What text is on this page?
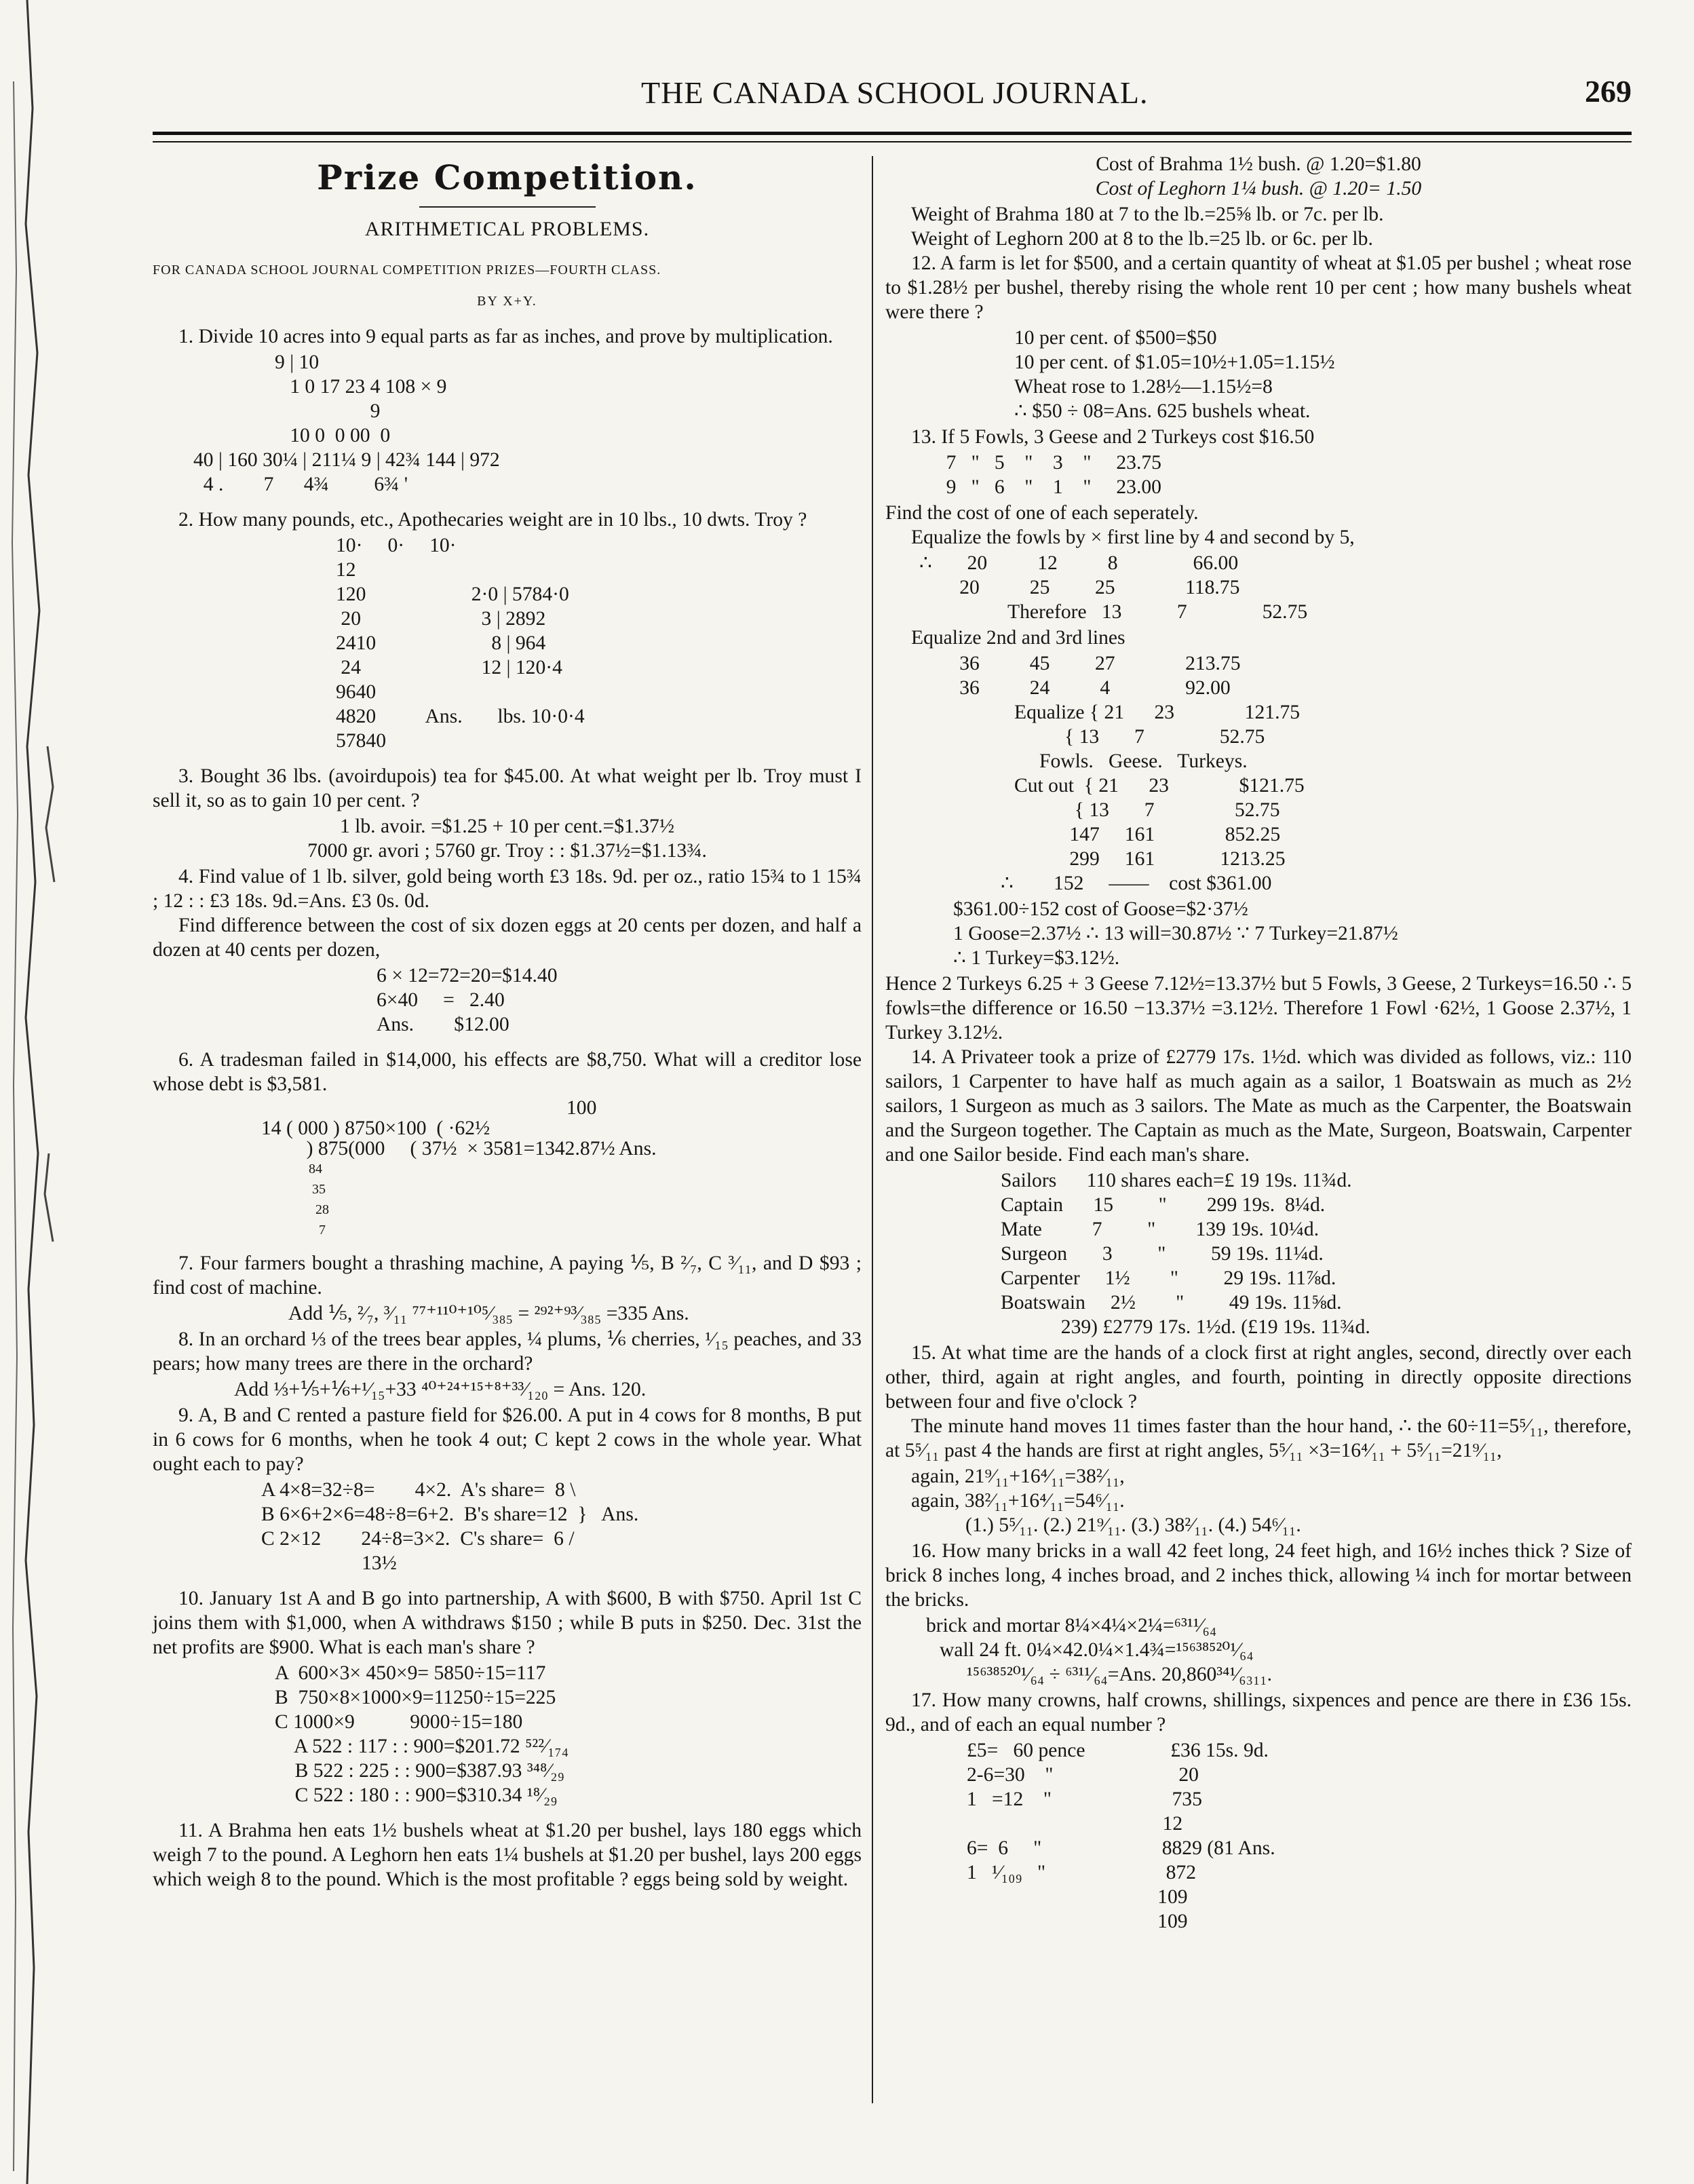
THE CANADA SCHOOL JOURNAL.	269
Prize Competition.
ARITHMETICAL PROBLEMS.
FOR CANADA SCHOOL JOURNAL COMPETITION PRIZES—FOURTH CLASS.
BY X+Y.

1. Divide 10 acres into 9 equal parts as far as inches, and prove by multiplication.

9 | 10
1 0 17 23 4 108 × 9
9
10 0  0 00  0
40 | 160 30¼ | 211¼ 9 | 42¾ 144 | 972
4 .        7      4¾         6¾ '

2. How many pounds, etc., Apothecaries weight are in 10 lbs., 10 dwts. Troy ?

10·     0·     10·
12
120                     2·0 | 5784·0
20                        3 | 2892
2410                       8 | 964
24                        12 | 120·4
9640
4820          Ans.       lbs. 10·0·4
57840

3. Bought 36 lbs. (avoirdupois) tea for $45.00. At what weight per lb. Troy must I sell it, so as to gain 10 per cent. ?

1 lb. avoir. =$1.25 + 10 per cent.=$1.37½
7000 gr. avori ; 5760 gr. Troy : : $1.37½=$1.13¾.

4. Find value of 1 lb. silver, gold being worth £3 18s. 9d. per oz., ratio 15¾ to 1 15¾ ; 12 : : £3 18s. 9d.=Ans. £3 0s. 0d.

Find difference between the cost of six dozen eggs at 20 cents per dozen, and half a dozen at 40 cents per dozen,

6 × 12=72=20=$14.40
6×40     =   2.40
Ans.        $12.00

6. A tradesman failed in $14,000, his effects are $8,750. What will a creditor lose whose debt is $3,581.

100
14 ( 000 ) 8750×100  ( ·62½
) 875(000     ( 37½  × 3581=1342.87½ Ans.
84
35
28
7

7. Four farmers bought a thrashing machine, A paying ⅕, B ²⁄₇, C ³⁄₁₁, and D $93 ; find cost of machine.

Add ⅕, ²⁄₇, ³⁄₁₁ ⁷⁷⁺¹¹⁰⁺¹⁰⁵⁄₃₈₅ = ²⁹²⁺⁹³⁄₃₈₅ =335 Ans.

8. In an orchard ⅓ of the trees bear apples, ¼ plums, ⅙ cherries, ¹⁄₁₅ peaches, and 33 pears; how many trees are there in the orchard?

Add ⅓+⅕+⅙+¹⁄₁₅+33 ⁴⁰⁺²⁴⁺¹⁵⁺⁸⁺³³⁄₁₂₀ = Ans. 120.

9. A, B and C rented a pasture field for $26.00. A put in 4 cows for 8 months, B put in 6 cows for 6 months, when he took 4 out; C kept 2 cows in the whole year. What ought each to pay?

A 4×8=32÷8=        4×2.  A's share=  8 \
B 6×6+2×6=48÷8=6+2.  B's share=12  }   Ans.
C 2×12        24÷8=3×2.  C's share=  6 /
13½

10. January 1st A and B go into partnership, A with $600, B with $750. April 1st C joins them with $1,000, when A withdraws $150 ; while B puts in $250. Dec. 31st the net profits are $900. What is each man's share ?

A  600×3× 450×9= 5850÷15=117
B  750×8×1000×9=11250÷15=225
C 1000×9           9000÷15=180
A 522 : 117 : : 900=$201.72 ⁵²²⁄₁₇₄
B 522 : 225 : : 900=$387.93 ³⁴⁸⁄₂₉
C 522 : 180 : : 900=$310.34 ¹⁸⁄₂₉

11. A Brahma hen eats 1½ bushels wheat at $1.20 per bushel, lays 180 eggs which weigh 7 to the pound. A Leghorn hen eats 1¼ bushels at $1.20 per bushel, lays 200 eggs which weigh 8 to the pound. Which is the most profitable ? eggs being sold by weight.

Cost of Brahma 1½ bush. @ 1.20=$1.80
Cost of Leghorn 1¼ bush. @ 1.20= 1.50
Weight of Brahma 180 at 7 to the lb.=25⅝ lb. or 7c. per lb.
Weight of Leghorn 200 at 8 to the lb.=25 lb. or 6c. per lb.

12. A farm is let for $500, and a certain quantity of wheat at $1.05 per bushel ; wheat rose to $1.28½ per bushel, thereby rising the whole rent 10 per cent ; how many bushels wheat were there ?

10 per cent. of $500=$50
10 per cent. of $1.05=10½+1.05=1.15½
Wheat rose to 1.28½—1.15½=8
∴ $50 ÷ 08=Ans. 625 bushels wheat.

13. If 5 Fowls, 3 Geese and 2 Turkeys cost $16.50

7   "   5    "    3    "     23.75
9   "   6    "    1    "     23.00

Find the cost of one of each seperately.

Equalize the fowls by × first line by 4 and second by 5,

∴       20          12          8               66.00
20          25         25              118.75
Therefore   13           7               52.75

Equalize 2nd and 3rd lines

36          45         27              213.75
36          24          4               92.00
Equalize { 21      23              121.75
{ 13       7               52.75
Fowls.   Geese.   Turkeys.
Cut out  { 21      23              $121.75
{ 13       7                52.75
147     161              852.25
299     161             1213.25
∴        152     ——    cost $361.00
$361.00÷152 cost of Goose=$2·37½
1 Goose=2.37½ ∴ 13 will=30.87½ ∵ 7 Turkey=21.87½
∴ 1 Turkey=$3.12½.

Hence 2 Turkeys 6.25 + 3 Geese 7.12½=13.37½ but 5 Fowls, 3 Geese, 2 Turkeys=16.50 ∴ 5 fowls=the difference or 16.50 −13.37½ =3.12½. Therefore 1 Fowl ·62½, 1 Goose 2.37½, 1 Turkey 3.12½.

14. A Privateer took a prize of £2779 17s. 1½d. which was divided as follows, viz.: 110 sailors, 1 Carpenter to have half as much again as a sailor, 1 Boatswain as much as 2½ sailors, 1 Surgeon as much as 3 sailors. The Mate as much as the Carpenter, the Boatswain and the Surgeon together. The Captain as much as the Mate, Surgeon, Boatswain, Carpenter and one Sailor beside. Find each man's share.

Sailors      110 shares each=£ 19 19s. 11¾d.
Captain      15         "        299 19s.  8¼d.
Mate          7         "        139 19s. 10¼d.
Surgeon       3         "         59 19s. 11¼d.
Carpenter     1½        "         29 19s. 11⅞d.
Boatswain     2½        "         49 19s. 11⅝d.
239) £2779 17s. 1½d. (£19 19s. 11¾d.

15. At what time are the hands of a clock first at right angles, second, directly over each other, third, again at right angles, and fourth, pointing in directly opposite directions between four and five o'clock ?

The minute hand moves 11 times faster than the hour hand, ∴ the 60÷11=5⁵⁄₁₁, therefore, at 5⁵⁄₁₁ past 4 the hands are first at right angles, 5⁵⁄₁₁ ×3=16⁴⁄₁₁ + 5⁵⁄₁₁=21⁹⁄₁₁,

again, 21⁹⁄₁₁+16⁴⁄₁₁=38²⁄₁₁,
again, 38²⁄₁₁+16⁴⁄₁₁=54⁶⁄₁₁.
(1.) 5⁵⁄₁₁. (2.) 21⁹⁄₁₁. (3.) 38²⁄₁₁. (4.) 54⁶⁄₁₁.

16. How many bricks in a wall 42 feet long, 24 feet high, and 16½ inches thick ? Size of brick 8 inches long, 4 inches broad, and 2 inches thick, allowing ¼ inch for mortar between the bricks.

brick and mortar 8¼×4¼×2¼=⁶³¹¹⁄₆₄
wall 24 ft. 0¼×42.0¼×1.4¾=¹⁵⁶³⁸⁵²⁰¹⁄₆₄
¹⁵⁶³⁸⁵²⁰¹⁄₆₄ ÷ ⁶³¹¹⁄₆₄=Ans. 20,860³⁴¹⁄₆₃₁₁.

17. How many crowns, half crowns, shillings, sixpences and pence are there in £36 15s. 9d., and of each an equal number ?

£5=   60 pence                 £36 15s. 9d.
2-6=30    "                         20
1   =12    "                        735
12
6=  6     "                        8829 (81 Ans.
1   ¹⁄₁₀₉   "                        872
109
109
